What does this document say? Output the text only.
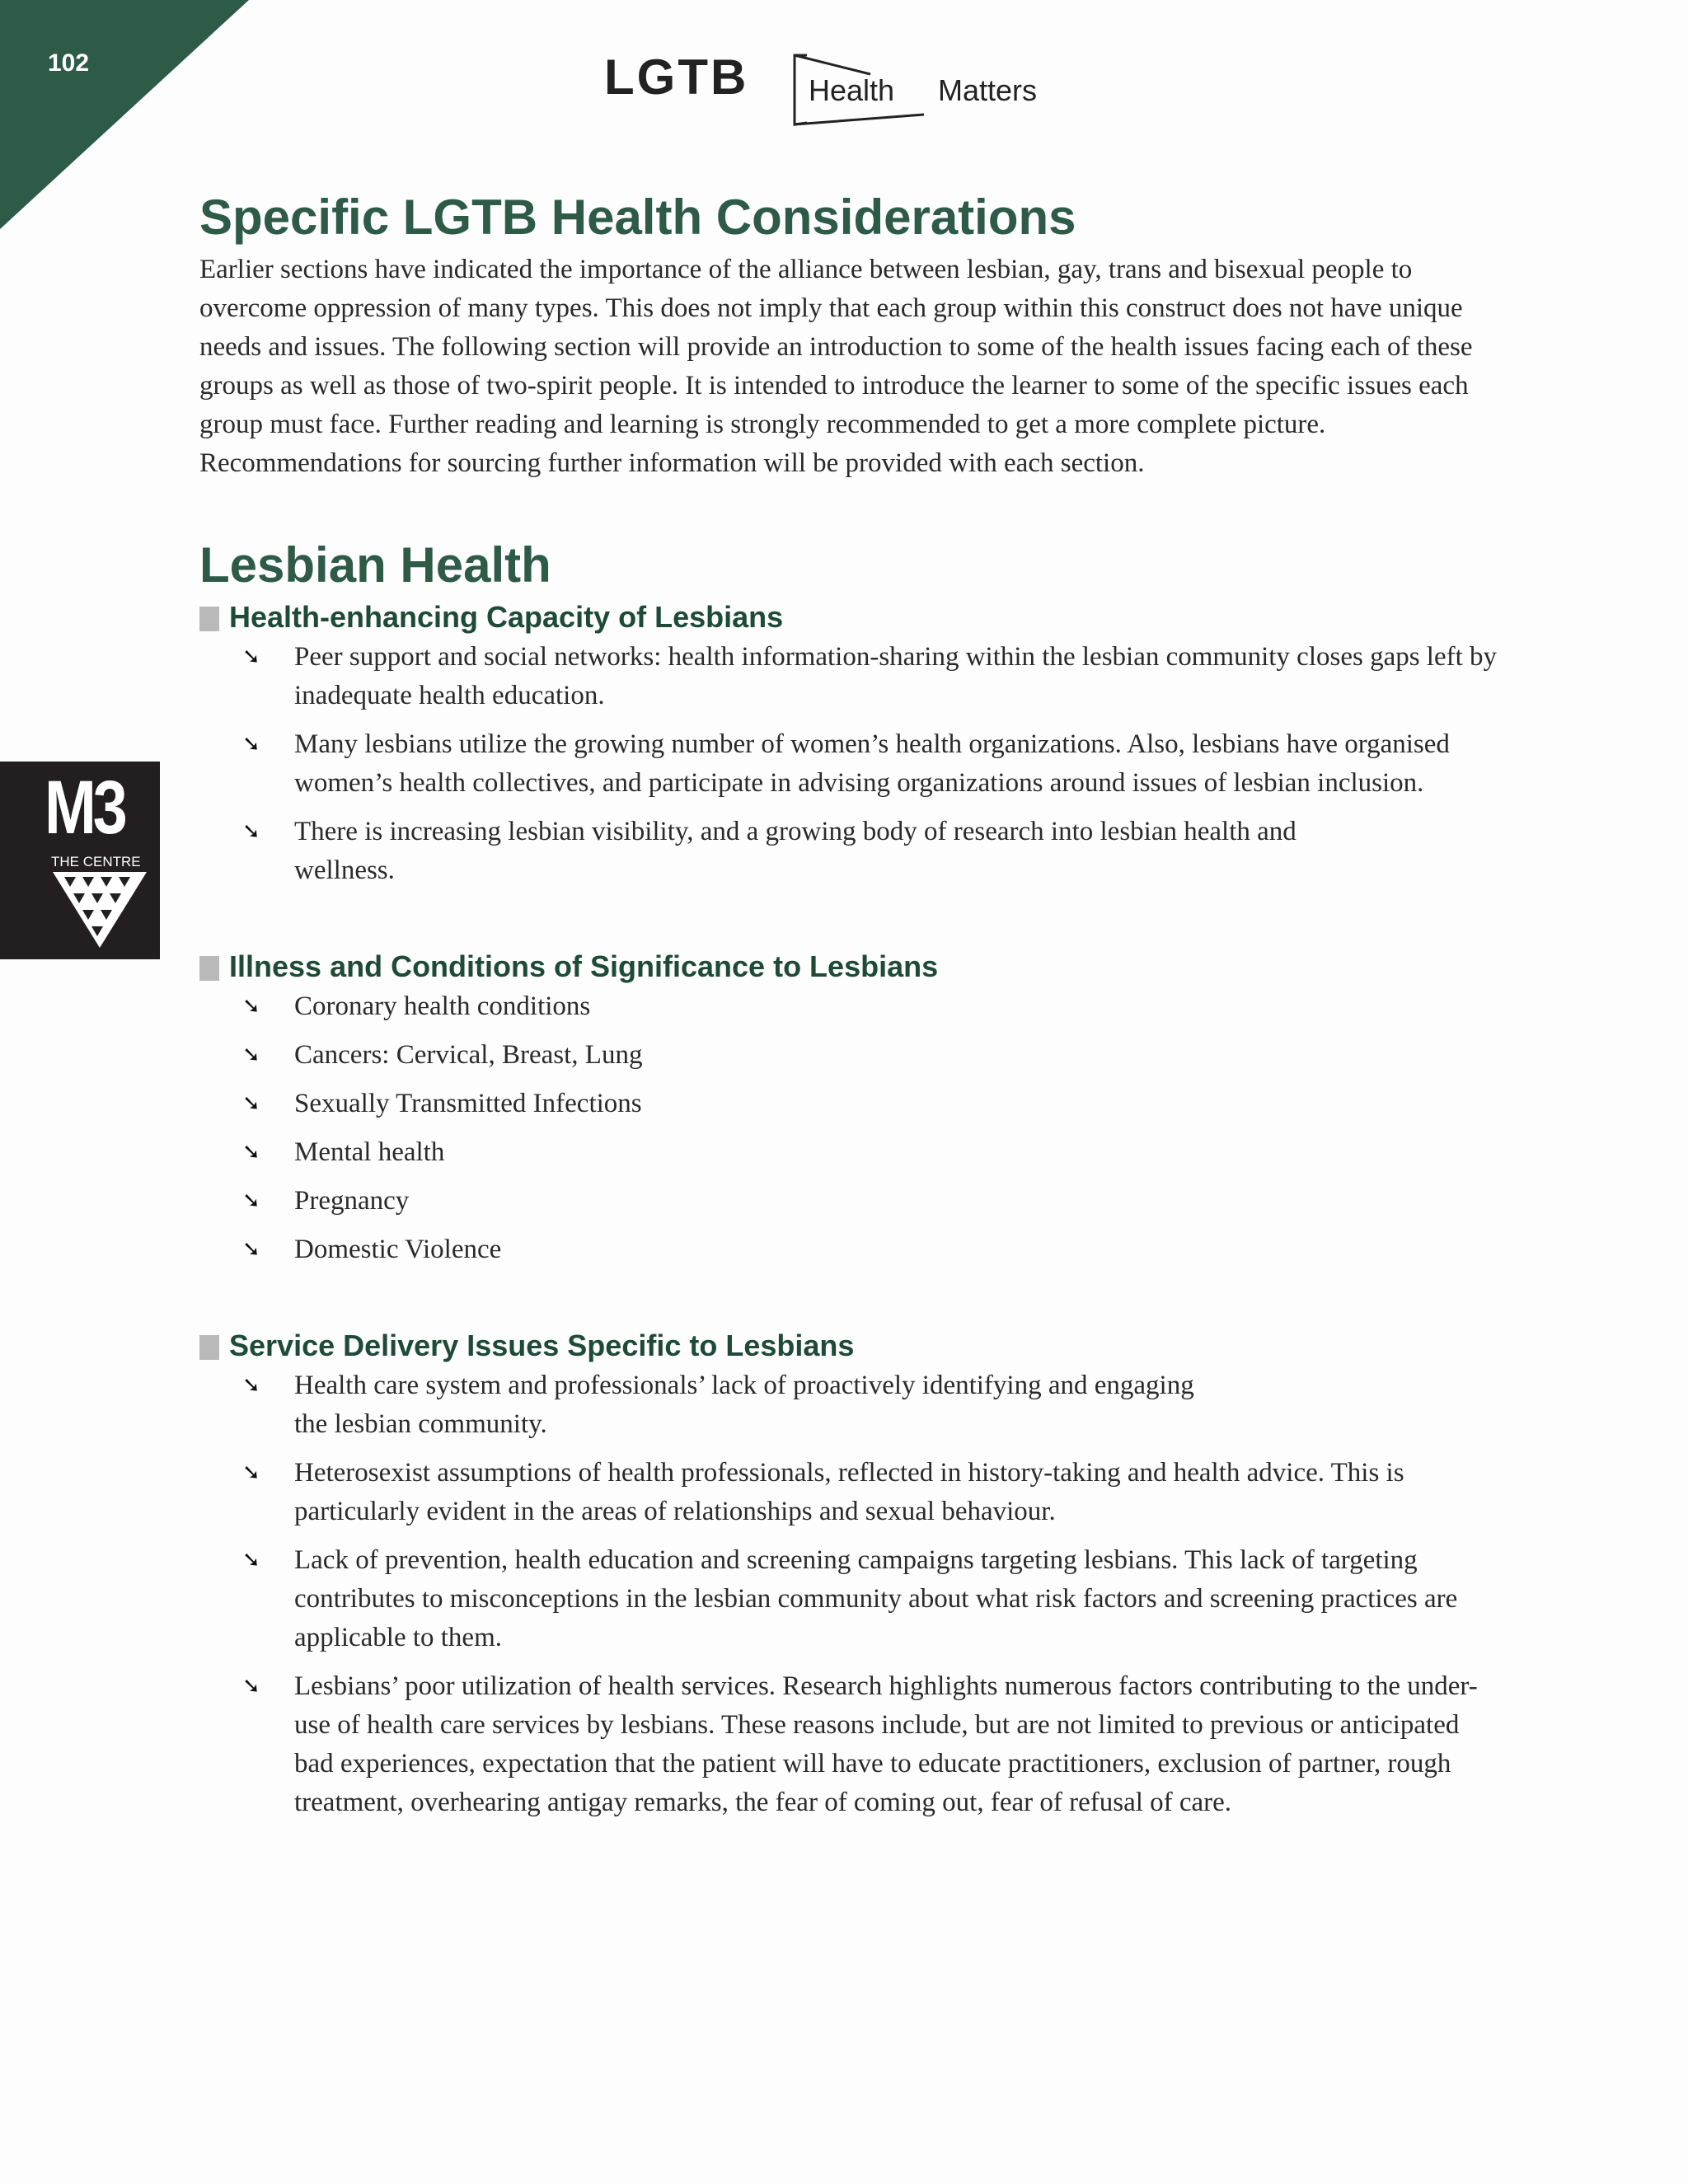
102	LGTB Health Matters
M3
THE CENTRE
Specific LGTB Health Considerations

Earlier sections have indicated the importance of the alliance between lesbian, gay, trans and bisexual people to overcome oppression of many types. This does not imply that each group within this construct does not have unique needs and issues. The following section will provide an introduction to some of the health issues facing each of these groups as well as those of two-spirit people. It is intended to introduce the learner to some of the specific issues each group must face. Further reading and learning is strongly recommended to get a more complete picture. Recommendations for sourcing further information will be provided with each section.

Lesbian Health
Health-enhancing Capacity of Lesbians
➘ Peer support and social networks: health information-sharing within the lesbian community closes gaps left by inadequate health education.
➘ Many lesbians utilize the growing number of women’s health organizations. Also, lesbians have organised women’s health collectives, and participate in advising organizations around issues of lesbian inclusion.
➘ There is increasing lesbian visibility, and a growing body of research into lesbian health and wellness.
Illness and Conditions of Significance to Lesbians
➘ Coronary health conditions
➘ Cancers: Cervical, Breast, Lung
➘ Sexually Transmitted Infections
➘ Mental health
➘ Pregnancy
➘ Domestic Violence
Service Delivery Issues Specific to Lesbians
➘ Health care system and professionals’ lack of proactively identifying and engaging the lesbian community.
➘ Heterosexist assumptions of health professionals, reflected in history-taking and health advice. This is particularly evident in the areas of relationships and sexual behaviour.
➘ Lack of prevention, health education and screening campaigns targeting lesbians. This lack of targeting contributes to misconceptions in the lesbian community about what risk factors and screening practices are applicable to them.
➘ Lesbians’ poor utilization of health services. Research highlights numerous factors contributing to the under-use of health care services by lesbians. These reasons include, but are not limited to previous or anticipated bad experiences, expectation that the patient will have to educate practitioners, exclusion of partner, rough treatment, overhearing antigay remarks, the fear of coming out, fear of refusal of care.
